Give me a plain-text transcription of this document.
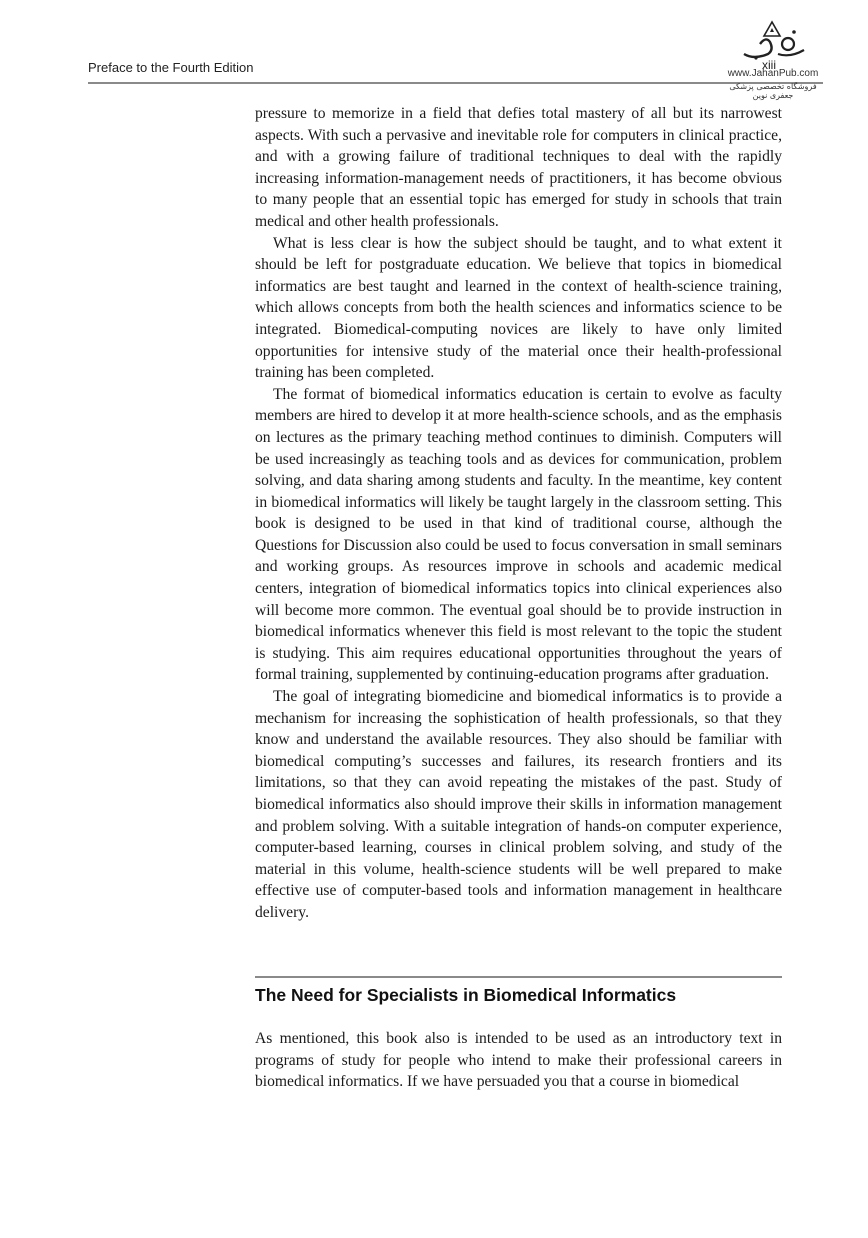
Preface to the Fourth Edition	xiii
www.JahanPub.com
فروشگاه تخصصی پزشکی جعفری نوین

pressure to memorize in a field that defies total mastery of all but its narrowest aspects. With such a pervasive and inevitable role for computers in clinical practice, and with a growing failure of traditional techniques to deal with the rapidly increasing information-management needs of practitioners, it has become obvious to many people that an essential topic has emerged for study in schools that train medical and other health professionals.

What is less clear is how the subject should be taught, and to what extent it should be left for postgraduate education. We believe that topics in biomedical informatics are best taught and learned in the context of health-science training, which allows concepts from both the health sciences and informatics science to be integrated. Biomedical-computing novices are likely to have only limited opportunities for intensive study of the material once their health-professional training has been completed.

The format of biomedical informatics education is certain to evolve as faculty members are hired to develop it at more health-science schools, and as the emphasis on lectures as the primary teaching method continues to diminish. Computers will be used increasingly as teaching tools and as devices for communication, problem solving, and data sharing among students and faculty. In the meantime, key content in biomedical informatics will likely be taught largely in the classroom setting. This book is designed to be used in that kind of traditional course, although the Questions for Discussion also could be used to focus conversation in small seminars and working groups. As resources improve in schools and academic medical centers, integration of biomedical informatics topics into clinical experiences also will become more common. The eventual goal should be to provide instruction in biomedical informatics whenever this field is most relevant to the topic the student is studying. This aim requires educational opportunities throughout the years of formal training, supplemented by continuing-education programs after graduation.

The goal of integrating biomedicine and biomedical informatics is to provide a mechanism for increasing the sophistication of health professionals, so that they know and understand the available resources. They also should be familiar with biomedical computing’s successes and failures, its research frontiers and its limitations, so that they can avoid repeating the mistakes of the past. Study of biomedical informatics also should improve their skills in information management and problem solving. With a suitable integration of hands-on computer experience, computer-based learning, courses in clinical problem solving, and study of the material in this volume, health-science students will be well prepared to make effective use of computer-based tools and information management in healthcare delivery.

The Need for Specialists in Biomedical Informatics

As mentioned, this book also is intended to be used as an introductory text in programs of study for people who intend to make their professional careers in biomedical informatics. If we have persuaded you that a course in biomedical
